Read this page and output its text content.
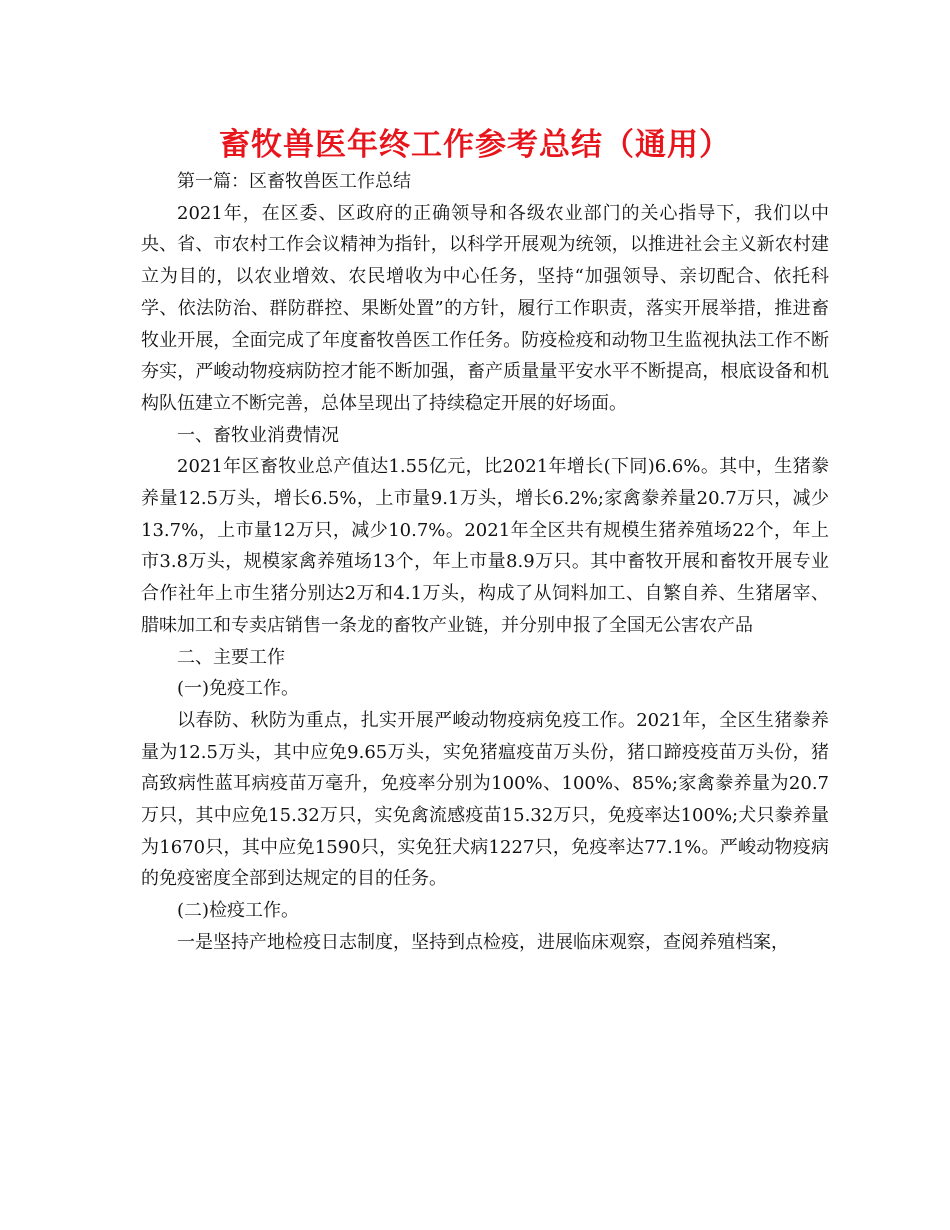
畜牧兽医年终工作参考总结（通用）

第一篇：区畜牧兽医工作总结

2021年，在区委、区政府的正确领导和各级农业部门的关心指导下，我们以中央、省、市农村工作会议精神为指针，以科学开展观为统领，以推进社会主义新农村建立为目的，以农业增效、农民增收为中心任务，坚持“加强领导、亲切配合、依托科学、依法防治、群防群控、果断处置”的方针，履行工作职责，落实开展举措，推进畜牧业开展，全面完成了年度畜牧兽医工作任务。防疫检疫和动物卫生监视执法工作不断夯实，严峻动物疫病防控才能不断加强，畜产质量量平安水平不断提高，根底设备和机构队伍建立不断完善，总体呈现出了持续稳定开展的好场面。

一、畜牧业消费情况

2021年区畜牧业总产值达1.55亿元，比2021年增长(下同)6.6%。其中，生猪豢养量12.5万头，增长6.5%，上市量9.1万头，增长6.2%;家禽豢养量20.7万只，减少13.7%，上市量12万只，减少10.7%。2021年全区共有规模生猪养殖场22个，年上市3.8万头，规模家禽养殖场13个，年上市量8.9万只。其中畜牧开展和畜牧开展专业合作社年上市生猪分别达2万和4.1万头，构成了从饲料加工、自繁自养、生猪屠宰、腊味加工和专卖店销售一条龙的畜牧产业链，并分别申报了全国无公害农产品

二、主要工作

(一)免疫工作。

以春防、秋防为重点，扎实开展严峻动物疫病免疫工作。2021年，全区生猪豢养量为12.5万头，其中应免9.65万头，实免猪瘟疫苗万头份，猪口蹄疫疫苗万头份，猪高致病性蓝耳病疫苗万毫升，免疫率分别为100%、100%、85%;家禽豢养量为20.7万只，其中应免15.32万只，实免禽流感疫苗15.32万只，免疫率达100%;犬只豢养量为1670只，其中应免1590只，实免狂犬病1227只，免疫率达77.1%。严峻动物疫病的免疫密度全部到达规定的目的任务。

(二)检疫工作。

一是坚持产地检疫日志制度，坚持到点检疫，进展临床观察，查阅养殖档案，
